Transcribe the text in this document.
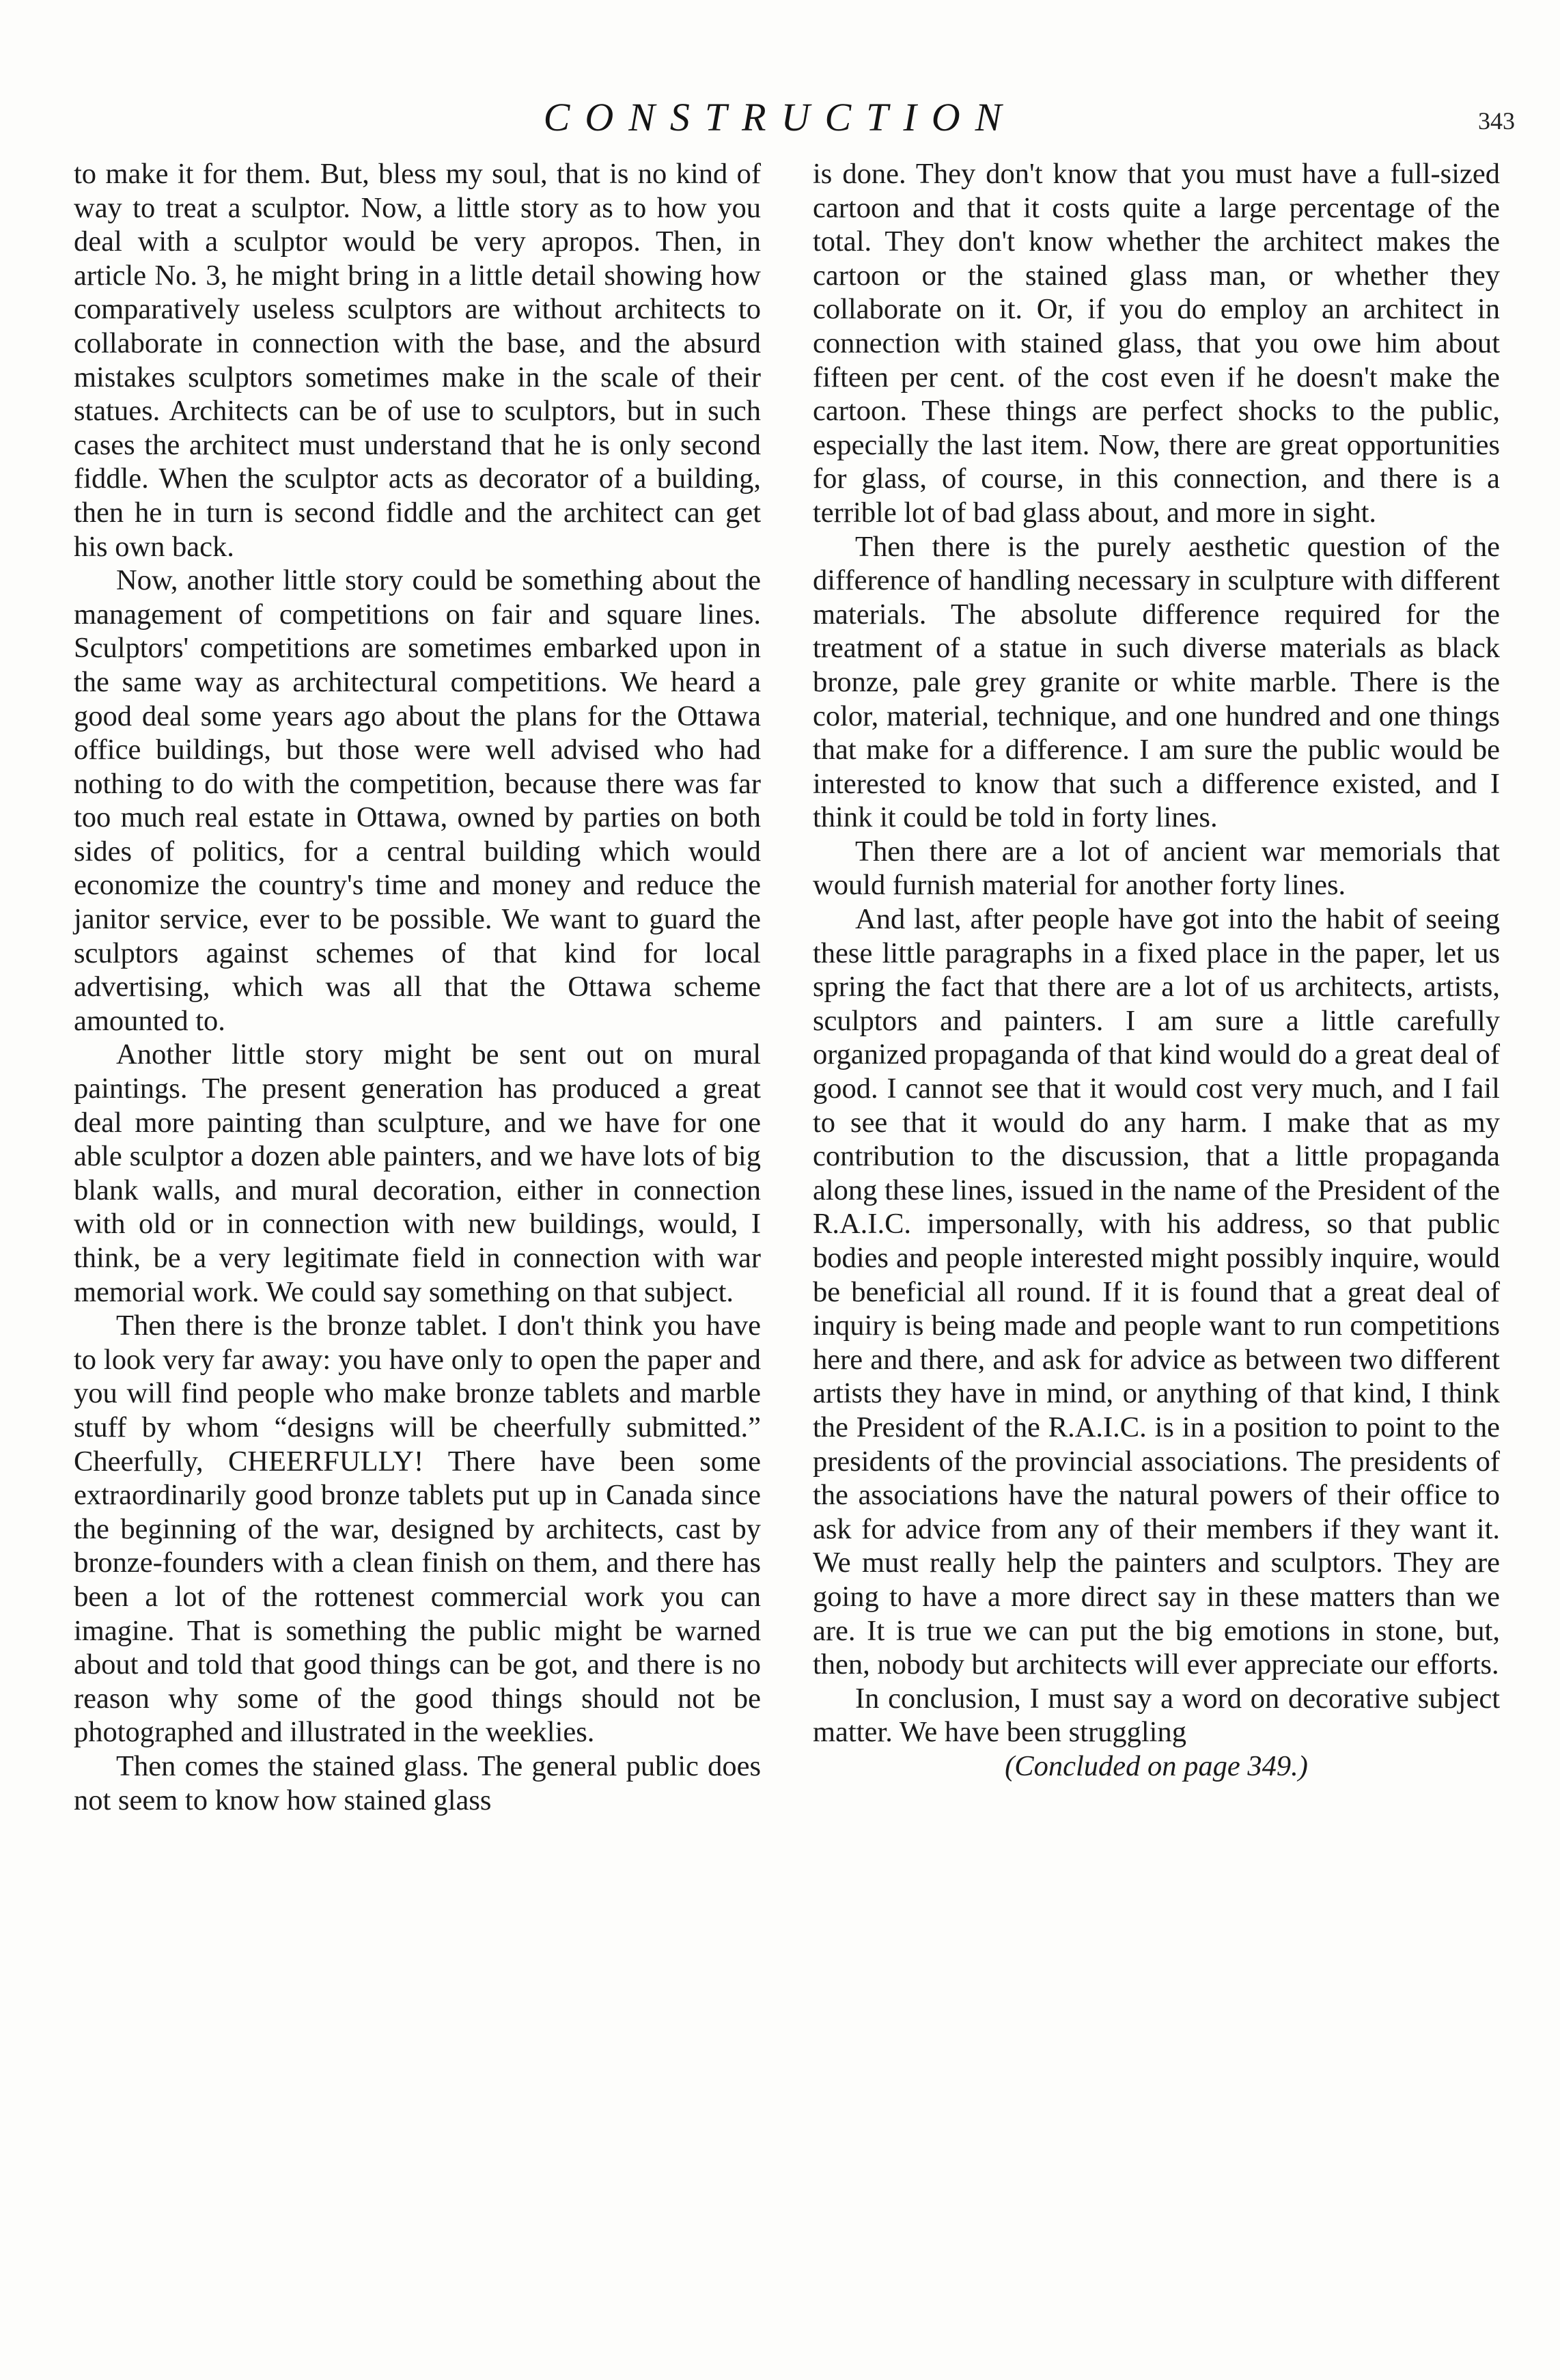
CONSTRUCTION	343

to make it for them. But, bless my soul, that is no kind of way to treat a sculptor. Now, a little story as to how you deal with a sculptor would be very apropos. Then, in article No. 3, he might bring in a little detail showing how comparatively useless sculptors are without architects to collaborate in connection with the base, and the absurd mistakes sculptors sometimes make in the scale of their statues. Architects can be of use to sculptors, but in such cases the architect must understand that he is only second fiddle. When the sculptor acts as decorator of a building, then he in turn is second fiddle and the architect can get his own back.

Now, another little story could be something about the management of competitions on fair and square lines. Sculptors' competitions are sometimes embarked upon in the same way as architectural competitions. We heard a good deal some years ago about the plans for the Ottawa office buildings, but those were well advised who had nothing to do with the competition, because there was far too much real estate in Ottawa, owned by parties on both sides of politics, for a central building which would economize the country's time and money and reduce the janitor service, ever to be possible. We want to guard the sculptors against schemes of that kind for local advertising, which was all that the Ottawa scheme amounted to.

Another little story might be sent out on mural paintings. The present generation has produced a great deal more painting than sculpture, and we have for one able sculptor a dozen able painters, and we have lots of big blank walls, and mural decoration, either in connection with old or in connection with new buildings, would, I think, be a very legitimate field in connection with war memorial work. We could say something on that subject.

Then there is the bronze tablet. I don't think you have to look very far away: you have only to open the paper and you will find people who make bronze tablets and marble stuff by whom “designs will be cheerfully submitted.” Cheerfully, CHEERFULLY! There have been some extraordinarily good bronze tablets put up in Canada since the beginning of the war, designed by architects, cast by bronze-founders with a clean finish on them, and there has been a lot of the rottenest commercial work you can imagine. That is something the public might be warned about and told that good things can be got, and there is no reason why some of the good things should not be photographed and illustrated in the weeklies.

Then comes the stained glass. The general public does not seem to know how stained glass

is done. They don't know that you must have a full-sized cartoon and that it costs quite a large percentage of the total. They don't know whether the architect makes the cartoon or the stained glass man, or whether they collaborate on it. Or, if you do employ an architect in connection with stained glass, that you owe him about fifteen per cent. of the cost even if he doesn't make the cartoon. These things are perfect shocks to the public, especially the last item. Now, there are great opportunities for glass, of course, in this connection, and there is a terrible lot of bad glass about, and more in sight.

Then there is the purely aesthetic question of the difference of handling necessary in sculpture with different materials. The absolute difference required for the treatment of a statue in such diverse materials as black bronze, pale grey granite or white marble. There is the color, material, technique, and one hundred and one things that make for a difference. I am sure the public would be interested to know that such a difference existed, and I think it could be told in forty lines.

Then there are a lot of ancient war memorials that would furnish material for another forty lines.

And last, after people have got into the habit of seeing these little paragraphs in a fixed place in the paper, let us spring the fact that there are a lot of us architects, artists, sculptors and painters. I am sure a little carefully organized propaganda of that kind would do a great deal of good. I cannot see that it would cost very much, and I fail to see that it would do any harm. I make that as my contribution to the discussion, that a little propaganda along these lines, issued in the name of the President of the R.A.I.C. impersonally, with his address, so that public bodies and people interested might possibly inquire, would be beneficial all round. If it is found that a great deal of inquiry is being made and people want to run competitions here and there, and ask for advice as between two different artists they have in mind, or anything of that kind, I think the President of the R.A.I.C. is in a position to point to the presidents of the provincial associations. The presidents of the associations have the natural powers of their office to ask for advice from any of their members if they want it. We must really help the painters and sculptors. They are going to have a more direct say in these matters than we are. It is true we can put the big emotions in stone, but, then, nobody but architects will ever appreciate our efforts.

In conclusion, I must say a word on decorative subject matter. We have been struggling

(Concluded on page 349.)
